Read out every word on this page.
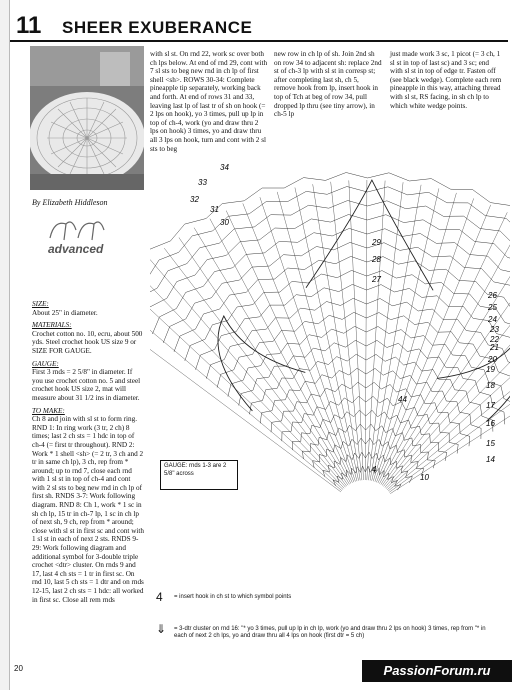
11 SHEER EXUBERANCE
By Elizabeth Hiddleson
advanced

SIZE:

About 25" in diameter.

MATERIALS:

Crochet cotton no. 10, ecru, about 500 yds. Steel crochet hook US size 9 or SIZE FOR GAUGE.

GAUGE:

First 3 rnds = 2 5/8" in diameter. If you use crochet cotton no. 5 and steel crochet hook US size 2, mat will measure about 31 1/2 ins in diameter.

TO MAKE:

Ch 8 and join with sl st to form ring. RND 1: In ring work (3 tr, 2 ch) 8 times; last 2 ch sts = 1 hdc in top of ch-4 (= first tr throughout). RND 2: Work * 1 shell <sh> (= 2 tr, 3 ch and 2 tr in same ch lp), 3 ch, rep from * around; up to rnd 7, close each rnd with 1 sl st in top of ch-4 and cont with 2 sl sts to beg new rnd in ch lp of first sh. RNDS 3-7: Work following diagram. RND 8: Ch 1, work * 1 sc in sh ch lp, 15 tr in ch-7 lp, 1 sc in ch lp of next sh, 9 ch, rep from * around; close with sl st in first sc and cont with 1 sl st in each of next 2 sts. RNDS 9-29: Work following diagram and additional symbol for 3-double triple crochet <dtr> cluster. On rnds 9 and 17, last 4 ch sts = 1 tr in first sc. On rnd 10, last 5 ch sts = 1 dtr and on rnds 12-15, last 2 ch sts = 1 hdc: all worked in first sc. Close all rem rnds

with sl st. On rnd 22, work sc over both ch lps below. At end of rnd 29, cont with 7 sl sts to beg new rnd in ch lp of first shell <sh>. ROWS 30-34: Complete pineapple tip separately, working back and forth. At end of rows 31 and 33, leaving last lp of last tr of sh on hook (= 2 lps on hook), yo 3 times, pull up lp in top of ch-4, work (yo and draw thru 2 lps on hook) 3 times, yo and draw thru all 3 lps on hook, turn and cont with 2 sl sts to beg
new row in ch lp of sh. Join 2nd sh on row 34 to adjacent sh: replace 2nd st of ch-3 lp with sl st in corresp st; after completing last sh, ch 5, remove hook from lp, insert hook in top of Tch at beg of row 34, pull dropped lp thru (see tiny arrow), in ch-5 lp
just made work 3 sc, 1 picot (= 3 ch, 1 sl st in top of last sc) and 3 sc; end with sl st in top of edge tr. Fasten off (see black wedge). Complete each rem pineapple in this way, attaching thread with sl st, RS facing, in sh ch lp to which white wedge points.
34
33
32
31
30
29
28
27
26
25
24
23
22
21
20
19
18
17
16
15
14
44
4
10
GAUGE: rnds 1-3 are 2 5/8" across
4 = insert hook in ch st to which symbol points
⇓ = 3-dtr cluster on rnd 16: "* yo 3 times, pull up lp in ch lp, work (yo and draw thru 2 lps on hook) 3 times, rep from "* in each of next 2 ch lps, yo and draw thru all 4 lps on hook (first dtr = 5 ch)
20	PassionForum.ru
